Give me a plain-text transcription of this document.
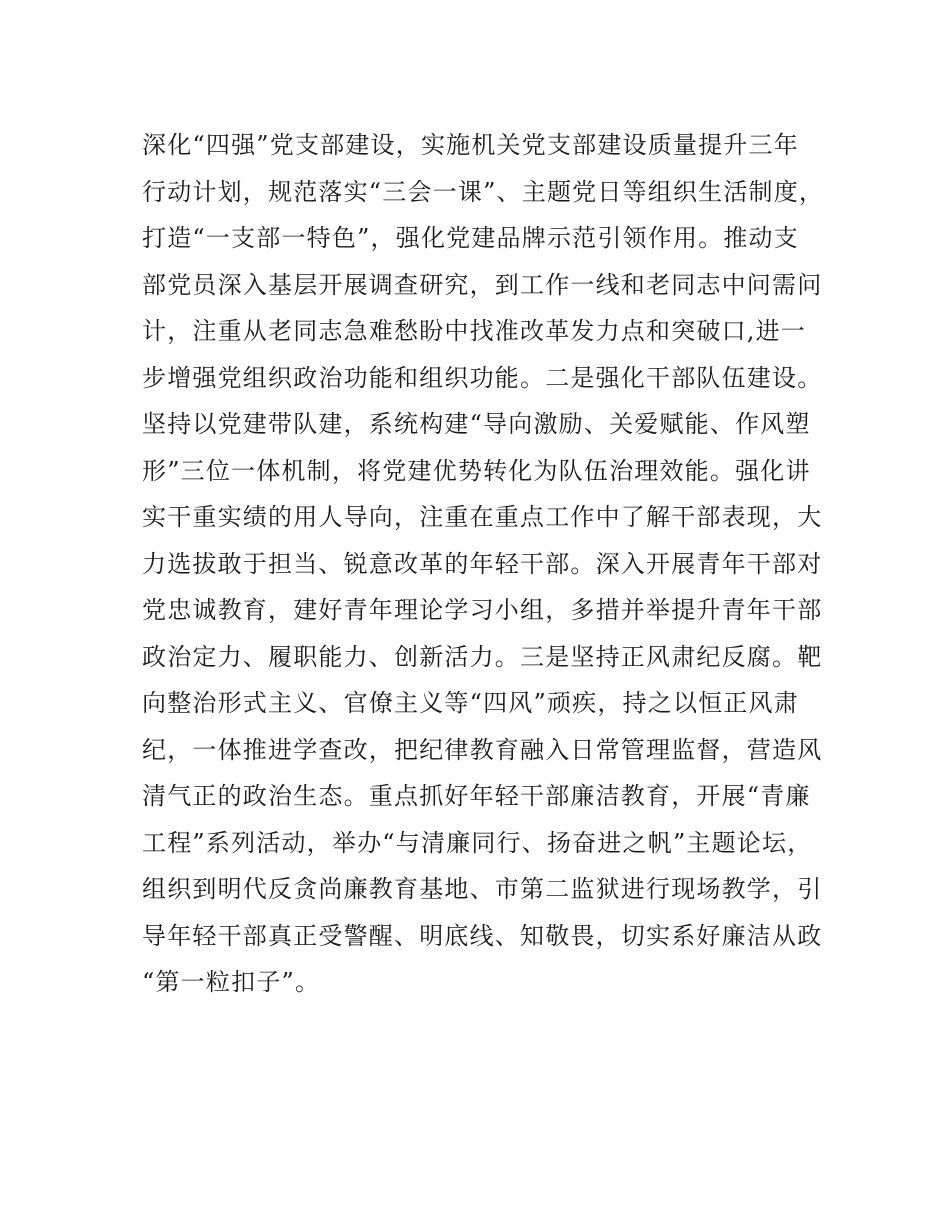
深化“四强”党支部建设，实施机关党支部建设质量提升三年
行动计划，规范落实“三会一课”、主题党日等组织生活制度，
打造“一支部一特色”，强化党建品牌示范引领作用。推动支
部党员深入基层开展调查研究，到工作一线和老同志中问需问
计，注重从老同志急难愁盼中找准改革发力点和突破口,进一
步增强党组织政治功能和组织功能。二是强化干部队伍建设。
坚持以党建带队建，系统构建“导向激励、关爱赋能、作风塑
形”三位一体机制，将党建优势转化为队伍治理效能。强化讲
实干重实绩的用人导向，注重在重点工作中了解干部表现，大
力选拔敢于担当、锐意改革的年轻干部。深入开展青年干部对
党忠诚教育，建好青年理论学习小组，多措并举提升青年干部
政治定力、履职能力、创新活力。三是坚持正风肃纪反腐。靶
向整治形式主义、官僚主义等“四风”顽疾，持之以恒正风肃
纪，一体推进学查改，把纪律教育融入日常管理监督，营造风
清气正的政治生态。重点抓好年轻干部廉洁教育，开展“青廉
工程”系列活动，举办“与清廉同行、扬奋进之帆”主题论坛，
组织到明代反贪尚廉教育基地、市第二监狱进行现场教学，引
导年轻干部真正受警醒、明底线、知敬畏，切实系好廉洁从政
“第一粒扣子”。
